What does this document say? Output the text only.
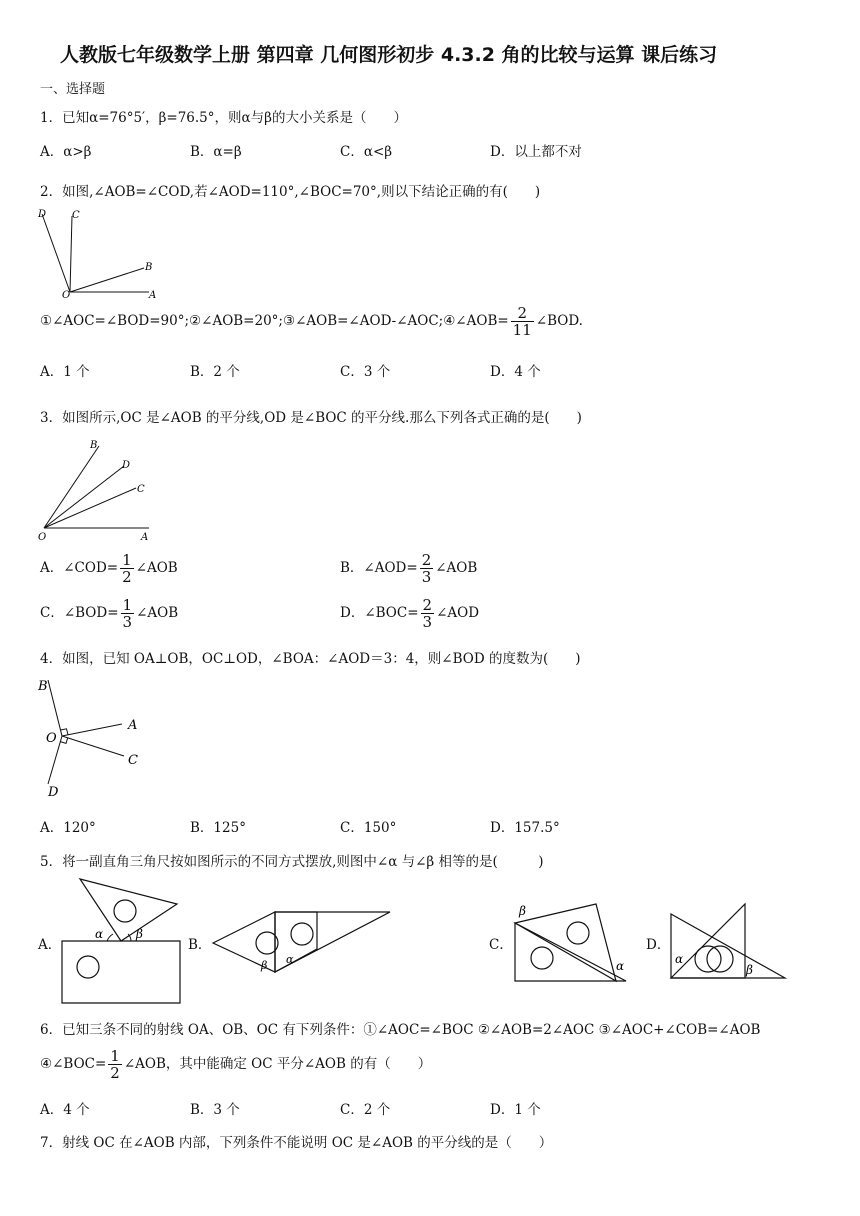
人教版七年级数学上册 第四章 几何图形初步 4.3.2 角的比较与运算 课后练习
一、选择题
1．已知α=76°5′，β=76.5°，则α与β的大小关系是（　　）
A．α>β	B．α=β	C．α<β	D．以上都不对
2．如图,∠AOB=∠COD,若∠AOD=110°,∠BOC=70°,则以下结论正确的有(　　)
D	C
B
O	A
①∠AOC=∠BOD=90°;②∠AOB=20°;③∠AOB=∠AOD-∠AOC;④∠AOB= $\frac{2}{11}$ ∠BOD.
A．1 个	B．2 个	C．3 个	D．4 个
3．如图所示,OC 是∠AOB 的平分线,OD 是∠BOC 的平分线.那么下列各式正确的是(　　)
B
D
C
O	A
A．∠COD= $\frac{1}{2}$ ∠AOB	B．∠AOD= $\frac{2}{3}$ ∠AOB
C．∠BOD= $\frac{1}{3}$ ∠AOB	D．∠BOC= $\frac{2}{3}$ ∠AOD
4．如图，已知 OA⊥OB，OC⊥OD，∠BOA：∠AOD＝3：4，则∠BOD 的度数为(　　)
B
A
O
C
D
A．120°	B．125°	C．150°	D．157.5°
5．将一副直角三角尺按如图所示的不同方式摆放,则图中∠α 与∠β 相等的是(　　　)
A．
α	β
B．
β α
C．
β
α
D．
α
β
6．已知三条不同的射线 OA、OB、OC 有下列条件：①∠AOC=∠BOC ②∠AOB=2∠AOC ③∠AOC+∠COB=∠AOB
④∠BOC= $\frac{1}{2}$ ∠AOB，其中能确定 OC 平分∠AOB 的有（　　）
A．4 个	B．3 个	C．2 个	D．1 个
7．射线 OC 在∠AOB 内部，下列条件不能说明 OC 是∠AOB 的平分线的是（　　）
